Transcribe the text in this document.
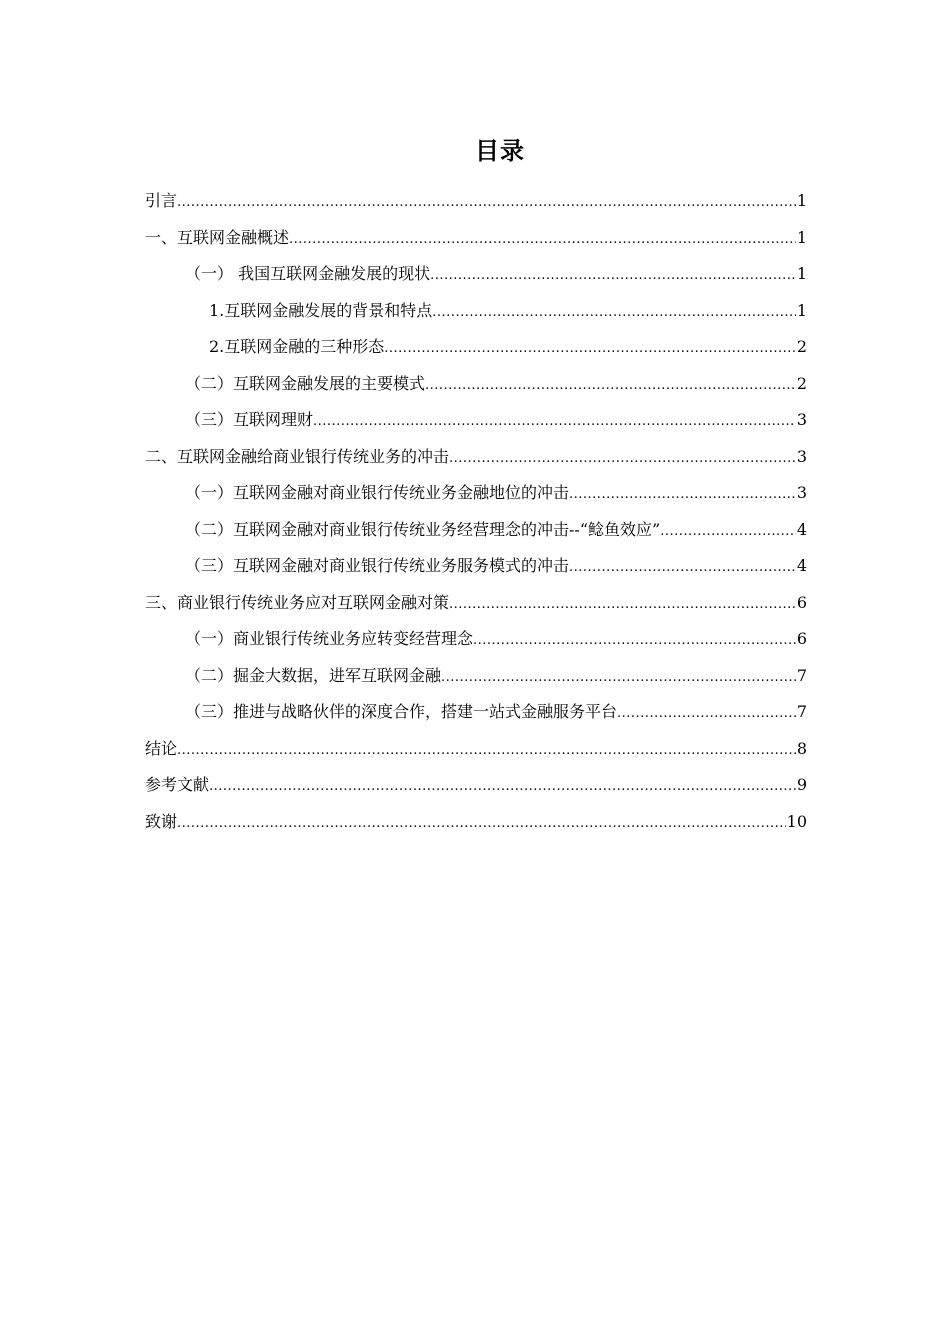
目录
引言 .....	1
一、互联网金融概述 .....	1
（一） 我国互联网金融发展的现状 .....	1
1.互联网金融发展的背景和特点 .....	1
2.互联网金融的三种形态 .....	2
（二）互联网金融发展的主要模式 .....	2
（三）互联网理财 .....	3
二、互联网金融给商业银行传统业务的冲击 .....	3
（一）互联网金融对商业银行传统业务金融地位的冲击 .....	3
（二）互联网金融对商业银行传统业务经营理念的冲击--“鲶鱼效应” .....	4
（三）互联网金融对商业银行传统业务服务模式的冲击 .....	4
三、商业银行传统业务应对互联网金融对策 .....	6
（一）商业银行传统业务应转变经营理念 .....	6
（二）掘金大数据，进军互联网金融 .....	7
（三）推进与战略伙伴的深度合作，搭建一站式金融服务平台 .....	7
结论 .....	8
参考文献 .....	9
致谢 .....	10
